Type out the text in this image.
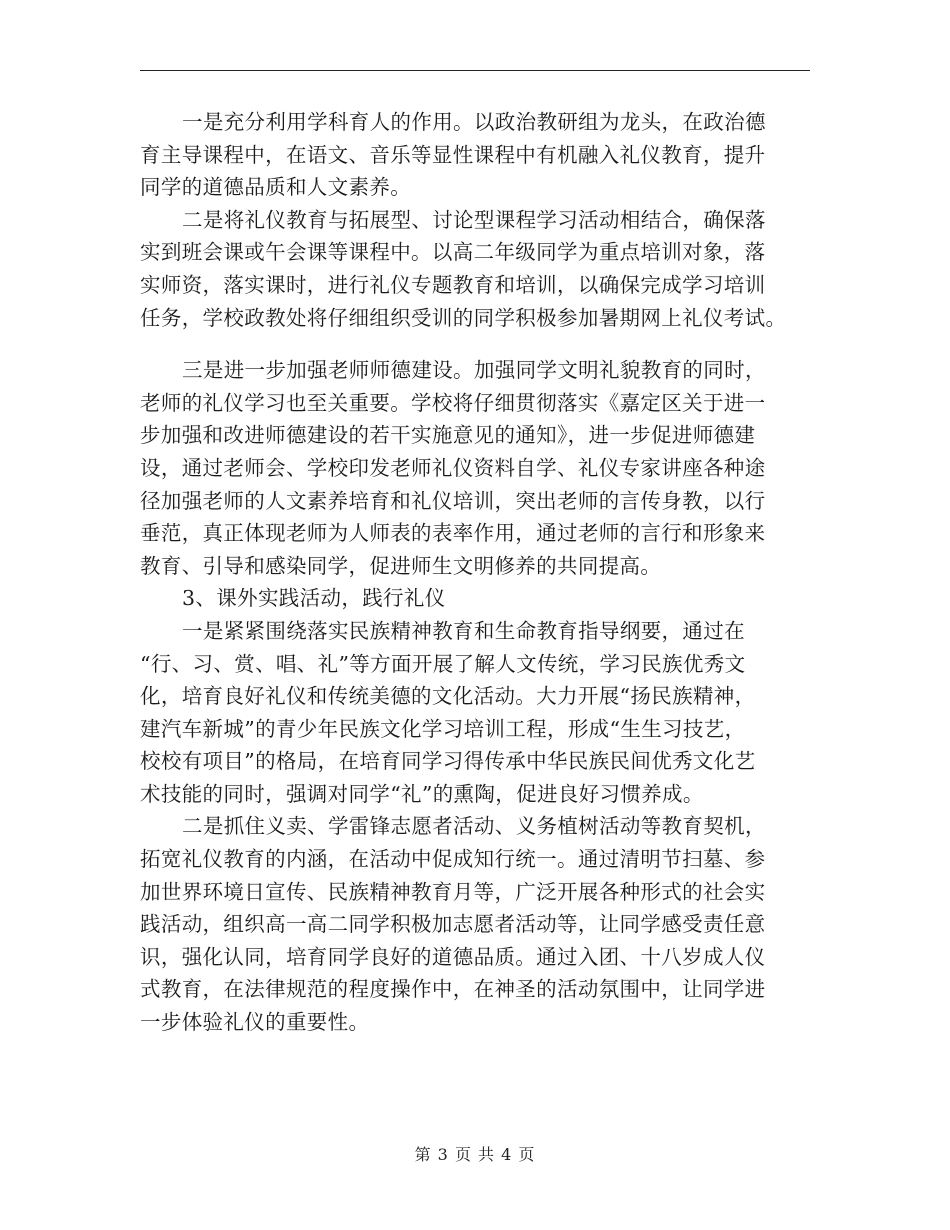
一是充分利用学科育人的作用。以政治教研组为龙头，在政治德
育主导课程中，在语文、音乐等显性课程中有机融入礼仪教育，提升
同学的道德品质和人文素养。
二是将礼仪教育与拓展型、讨论型课程学习活动相结合，确保落
实到班会课或午会课等课程中。以高二年级同学为重点培训对象，落
实师资，落实课时，进行礼仪专题教育和培训，以确保完成学习培训
任务，学校政教处将仔细组织受训的同学积极参加暑期网上礼仪考试。
三是进一步加强老师师德建设。加强同学文明礼貌教育的同时，
老师的礼仪学习也至关重要。学校将仔细贯彻落实《嘉定区关于进一
步加强和改进师德建设的若干实施意见的通知》，进一步促进师德建
设，通过老师会、学校印发老师礼仪资料自学、礼仪专家讲座各种途
径加强老师的人文素养培育和礼仪培训，突出老师的言传身教，以行
垂范，真正体现老师为人师表的表率作用，通过老师的言行和形象来
教育、引导和感染同学，促进师生文明修养的共同提高。
3、课外实践活动，践行礼仪
一是紧紧围绕落实民族精神教育和生命教育指导纲要，通过在
“行、习、赏、唱、礼”等方面开展了解人文传统，学习民族优秀文
化，培育良好礼仪和传统美德的文化活动。大力开展“扬民族精神，
建汽车新城”的青少年民族文化学习培训工程，形成“生生习技艺，
校校有项目”的格局，在培育同学习得传承中华民族民间优秀文化艺
术技能的同时，强调对同学“礼”的熏陶，促进良好习惯养成。
二是抓住义卖、学雷锋志愿者活动、义务植树活动等教育契机，
拓宽礼仪教育的内涵，在活动中促成知行统一。通过清明节扫墓、参
加世界环境日宣传、民族精神教育月等，广泛开展各种形式的社会实
践活动，组织高一高二同学积极加志愿者活动等，让同学感受责任意
识，强化认同，培育同学良好的道德品质。通过入团、十八岁成人仪
式教育，在法律规范的程度操作中，在神圣的活动氛围中，让同学进
一步体验礼仪的重要性。
第 3 页 共 4 页
